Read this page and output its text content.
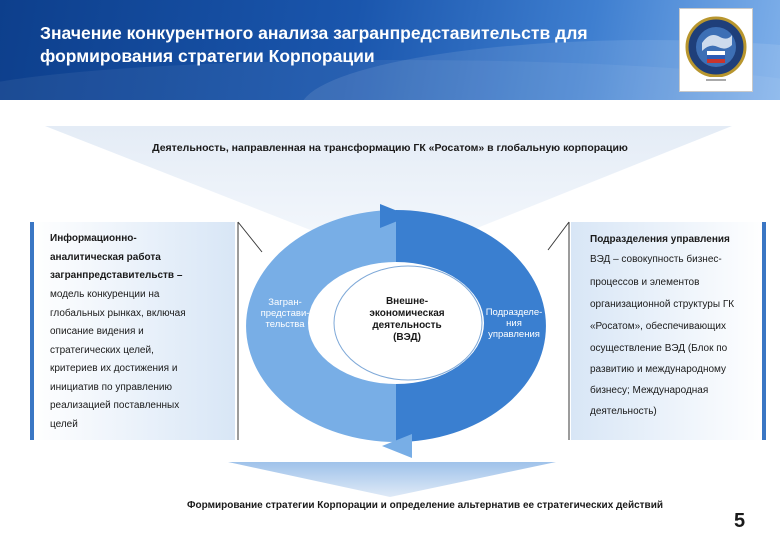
Значение конкурентного анализа загранпредставительств для
формирования стратегии Корпорации
Деятельность, направленная на трансформацию ГК «Росатом» в глобальную корпорацию
Информационно-
аналитическая работа
загранпредставительств –
модель конкуренции на
глобальных рынках, включая
описание видения и
стратегических целей,
критериев их достижения и
инициатив по управлению
реализацией поставленных
целей
Подразделения управления
ВЭД – совокупность бизнес-
процессов и элементов
организационной структуры ГК
«Росатом», обеспечивающих
осуществление ВЭД (Блок по
развитию и международному
бизнесу; Международная
деятельность)
Загран-
представи-
тельства
Подразделе-
ния
управления
Внешне-
экономическая
деятельность
(ВЭД)
Формирование стратегии Корпорации и определение альтернатив ее стратегических действий
5
